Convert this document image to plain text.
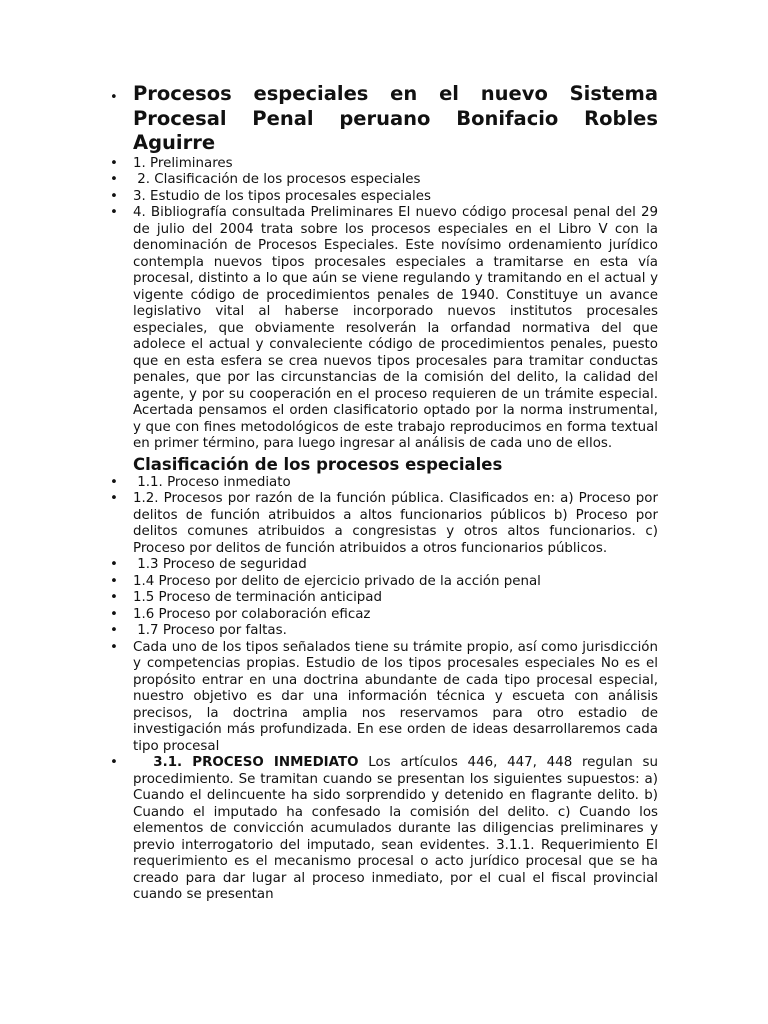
• Procesos especiales en el nuevo Sistema Procesal Penal peruano Bonifacio Robles Aguirre
•	1. Preliminares
•	2. Clasificación de los procesos especiales
•	3. Estudio de los tipos procesales especiales
•	4. Bibliografía consultada Preliminares El nuevo código procesal penal del 29 de julio del 2004 trata sobre los procesos especiales en el Libro V con la denominación de Procesos Especiales. Este novísimo ordenamiento jurídico contempla nuevos tipos procesales especiales a tramitarse en esta vía procesal, distinto a lo que aún se viene regulando y tramitando en el actual y vigente código de procedimientos penales de 1940. Constituye un avance legislativo vital al haberse incorporado nuevos institutos procesales especiales, que obviamente resolverán la orfandad normativa del que adolece el actual y convaleciente código de procedimientos penales, puesto que en esta esfera se crea nuevos tipos procesales para tramitar conductas penales, que por las circunstancias de la comisión del delito, la calidad del agente, y por su cooperación en el proceso requieren de un trámite especial. Acertada pensamos el orden clasificatorio optado por la norma instrumental, y que con fines metodológicos de este trabajo reproducimos en forma textual en primer término, para luego ingresar al análisis de cada uno de ellos.
Clasificación de los procesos especiales
•	1.1. Proceso inmediato
•	1.2. Procesos por razón de la función pública. Clasificados en: a) Proceso por delitos de función atribuidos a altos funcionarios públicos b) Proceso por delitos comunes atribuidos a congresistas y otros altos funcionarios. c) Proceso por delitos de función atribuidos a otros funcionarios públicos.
•	1.3 Proceso de seguridad
•	1.4 Proceso por delito de ejercicio privado de la acción penal
•	1.5 Proceso de terminación anticipad
•	1.6 Proceso por colaboración eficaz
•	1.7 Proceso por faltas.
•	Cada uno de los tipos señalados tiene su trámite propio, así como jurisdicción y competencias propias. Estudio de los tipos procesales especiales No es el propósito entrar en una doctrina abundante de cada tipo procesal especial, nuestro objetivo es dar una información técnica y escueta con análisis precisos, la doctrina amplia nos reservamos para otro estadio de investigación más profundizada. En ese orden de ideas desarrollaremos cada tipo procesal
•	3.1. PROCESO INMEDIATO Los artículos 446, 447, 448 regulan su procedimiento. Se tramitan cuando se presentan los siguientes supuestos: a) Cuando el delincuente ha sido sorprendido y detenido en flagrante delito. b) Cuando el imputado ha confesado la comisión del delito. c) Cuando los elementos de convicción acumulados durante las diligencias preliminares y previo interrogatorio del imputado, sean evidentes. 3.1.1. Requerimiento El requerimiento es el mecanismo procesal o acto jurídico procesal que se ha creado para dar lugar al proceso inmediato, por el cual el fiscal provincial cuando se presentan
